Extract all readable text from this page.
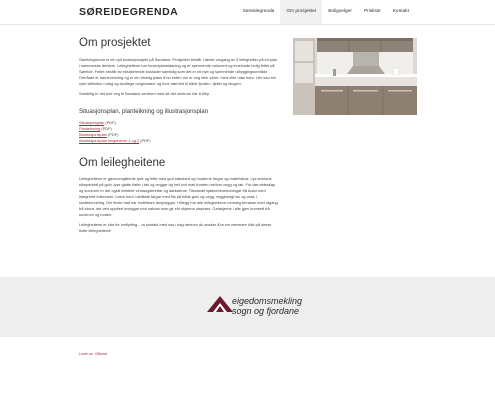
SØREIDEGRENDA	Søreidegrenda	Om prosjektet	Boligvelger	Prisliste	Kontakt
Om prosjektet

Søreidegrenda er eit nytt bustadprosjekt på Sandane. Prosjektet består i første omgang av 5 leilegheiter på eit plan i sameanske denane. Leilegheitene har hovedplaneløsning og er spennende volumert og inneholde bolig feltet på Søreide. Feltet består av eksisterende bustader samtidig som det er eit nytt og spennende utbyggingsområde. Området er barnevennleg og er ein trivelig plass å bu enten om er ung eller eldre, med eller utan barn. Her kan ein nyte stillheita i roleg og landlege omgivnader og inne nærheit til både fjorden, fjellet og skogen.

Sambilig er det kort veg til Sandane sentrum med alt det sentrum har å tilby.

Situasjonsplan, planteikning og illustrasjonsplan
Situasjonsplan (PDF)
Planteikning (PDF)
Illustrasjonsplan (PDF)
Illustrasjonsplan innganshrn 1 og 2 (PDF)
Om leilegheitene

Leilegheitene er gjennomgående lyse og lette med god standard og moderne fargar og materialval. Lys sivirlaus eikeparkett på golv, lyse glatte flater i tak og veggar og heil kvit malt fronten mellom vegg og tak. For dør-ekteskap og soverom er det også inntekte vindaugsbrettar og dørkarmar. Tilsvande kjøkkeninnredningar frå Aubo med integrerte kvitevarer. Lekre baol i delikate fargar med flis på både golv og vegg, vegghengt wc og vask i skuffeinnreiing. Del finste bad har innfelbare dusjveggar. I tillegg har alle leilegheitene romsleg terrasse med utgang frå stova, det vert opplfert leveggar mot naboar som gir ein skjerma uteplass. Garasjerne i alle gjen bomsett frå soverom og boden.

Leilegheitene er klar for innflytting – ta kontakt med oss i dag dersom du ønsker å ta ein nærmare kikk på desse flotte leilegheitene!

eigedomsmekling
sogn og fjordane
Levert av: Oßkreat
